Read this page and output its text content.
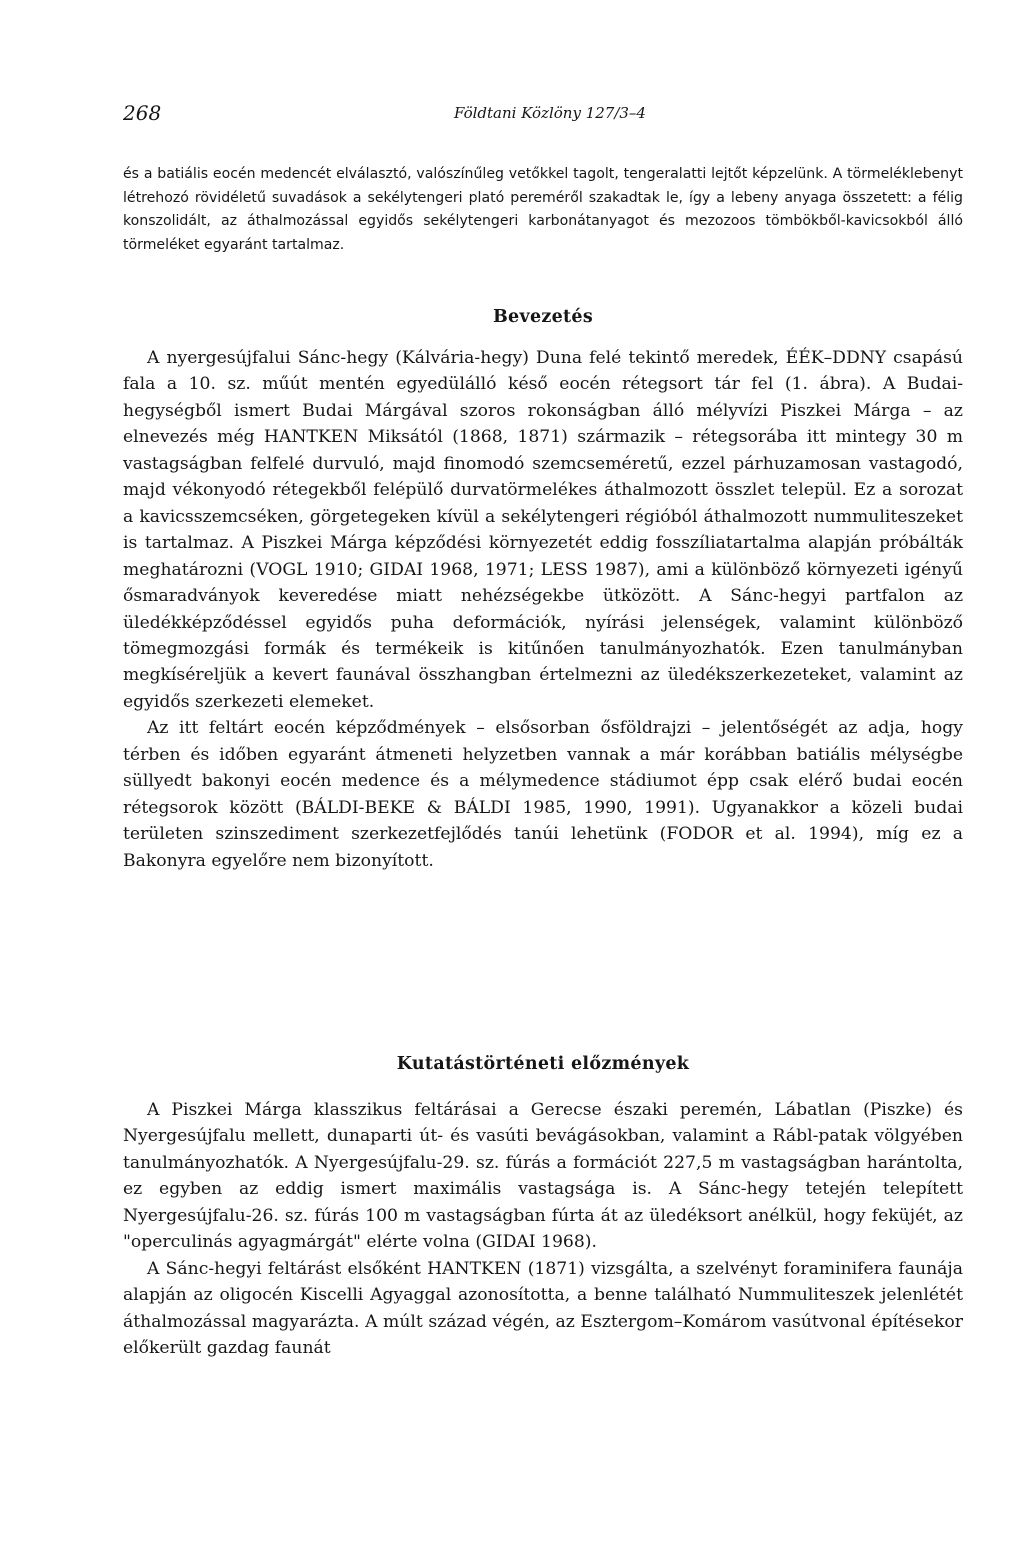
268	Földtani Közlöny 127/3–4

és a batiális eocén medencét elválasztó, valószínűleg vetőkkel tagolt, tengeralatti lejtőt képzelünk. A törmeléklebenyt létrehozó rövidéletű suvadások a sekélytengeri plató pereméről szakadtak le, így a lebeny anyaga összetett: a félig konszolidált, az áthalmozással egyidős sekélytengeri karbonátanyagot és mezozoos tömbökből-kavicsokból álló törmeléket egyaránt tartalmaz.

Bevezetés

A nyergesújfalui Sánc-hegy (Kálvária-hegy) Duna felé tekintő meredek, ÉÉK–DDNY csapású fala a 10. sz. műút mentén egyedülálló késő eocén rétegsort tár fel (1. ábra). A Budai-hegységből ismert Budai Márgával szoros rokonságban álló mélyvízi Piszkei Márga – az elnevezés még HANTKEN Miksától (1868, 1871) származik – rétegsorába itt mintegy 30 m vastagságban felfelé durvuló, majd finomodó szemcseméretű, ezzel párhuzamosan vastagodó, majd vékonyodó rétegekből felépülő durvatörmelékes áthalmozott összlet települ. Ez a sorozat a kavicsszemcséken, görgetegeken kívül a sekélytengeri régióból áthalmozott nummuliteszeket is tartalmaz. A Piszkei Márga képződési környezetét eddig fosszíliatartalma alapján próbálták meghatározni (VOGL 1910; GIDAI 1968, 1971; LESS 1987), ami a különböző környezeti igényű ősmaradványok keveredése miatt nehézségekbe ütközött. A Sánc-hegyi partfalon az üledékképződéssel egyidős puha deformációk, nyírási jelenségek, valamint különböző tömegmozgási formák és termékeik is kitűnően tanulmányozhatók. Ezen tanulmányban megkíséreljük a kevert faunával összhangban értelmezni az üledékszerkezeteket, valamint az egyidős szerkezeti elemeket.

Az itt feltárt eocén képződmények – elsősorban ősföldrajzi – jelentőségét az adja, hogy térben és időben egyaránt átmeneti helyzetben vannak a már korábban batiális mélységbe süllyedt bakonyi eocén medence és a mélymedence stádiumot épp csak elérő budai eocén rétegsorok között (BÁLDI-BEKE & BÁLDI 1985, 1990, 1991). Ugyanakkor a közeli budai területen szinszediment szerkezetfejlődés tanúi lehetünk (FODOR et al. 1994), míg ez a Bakonyra egyelőre nem bizonyított.

Kutatástörténeti előzmények

A Piszkei Márga klasszikus feltárásai a Gerecse északi peremén, Lábatlan (Piszke) és Nyergesújfalu mellett, dunaparti út- és vasúti bevágásokban, valamint a Rábl-patak völgyében tanulmányozhatók. A Nyergesújfalu-29. sz. fúrás a formációt 227,5 m vastagságban harántolta, ez egyben az eddig ismert maximális vastagsága is. A Sánc-hegy tetején telepített Nyergesújfalu-26. sz. fúrás 100 m vastagságban fúrta át az üledéksort anélkül, hogy feküjét, az "operculinás agyagmárgát" elérte volna (GIDAI 1968).

A Sánc-hegyi feltárást elsőként HANTKEN (1871) vizsgálta, a szelvényt foraminifera faunája alapján az oligocén Kiscelli Agyaggal azonosította, a benne található Nummuliteszek jelenlétét áthalmozással magyarázta. A múlt század végén, az Esztergom–Komárom vasútvonal építésekor előkerült gazdag faunát
